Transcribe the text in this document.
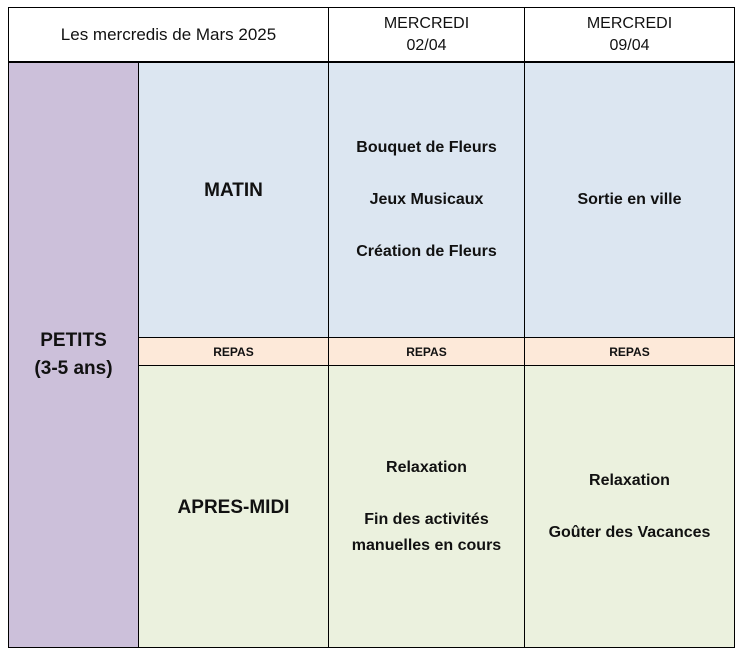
Les mercredis de Mars 2025
MERCREDI
02/04
MERCREDI
09/04
PETITS
(3-5 ans)
MATIN
Bouquet de Fleurs
Jeux Musicaux
Création de Fleurs
Sortie en ville
REPAS	REPAS	REPAS
APRES-MIDI
Relaxation
Fin des activités
manuelles en cours
Relaxation
Goûter des Vacances
